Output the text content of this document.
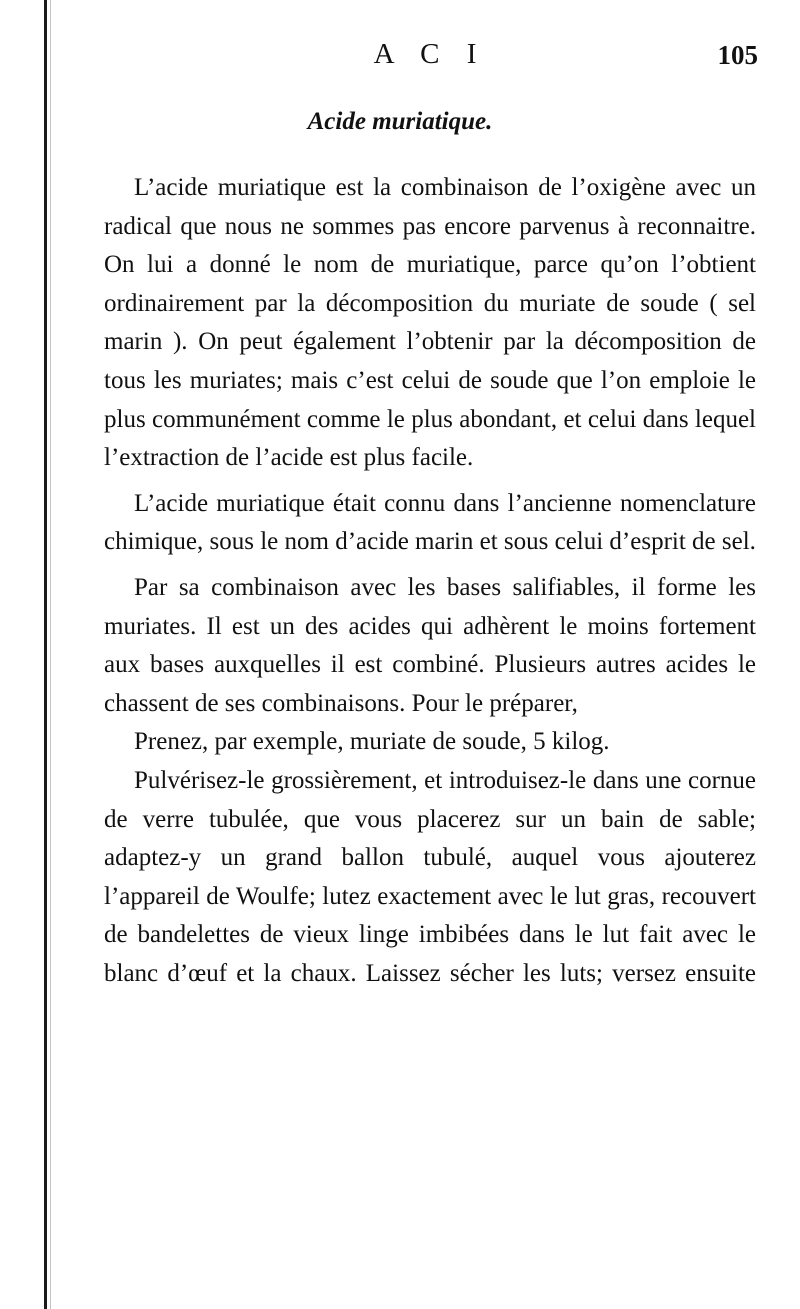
A C I	105
Acide muriatique.

L’acide muriatique est la combinaison de l’oxigène avec un radical que nous ne sommes pas encore parvenus à reconnaitre. On lui a donné le nom de muriatique, parce qu’on l’obtient ordinairement par la décomposition du muriate de soude ( sel marin ). On peut également l’obtenir par la décomposition de tous les muriates; mais c’est celui de soude que l’on emploie le plus communément comme le plus abondant, et celui dans lequel l’extraction de l’acide est plus facile.

L’acide muriatique était connu dans l’ancienne nomenclature chimique, sous le nom d’acide marin et sous celui d’esprit de sel.

Par sa combinaison avec les bases salifiables, il forme les muriates. Il est un des acides qui adhèrent le moins fortement aux bases auxquelles il est combiné. Plusieurs autres acides le chassent de ses combinaisons. Pour le préparer,

Prenez, par exemple, muriate de soude, 5 kilog.

Pulvérisez-le grossièrement, et introduisez-le dans une cornue de verre tubulée, que vous placerez sur un bain de sable; adaptez-y un grand ballon tubulé, auquel vous ajouterez l’appareil de Woulfe; lutez exactement avec le lut gras, recouvert de bandelettes de vieux linge imbibées dans le lut fait avec le blanc d’œuf et la chaux. Laissez sécher les luts; versez ensuite
